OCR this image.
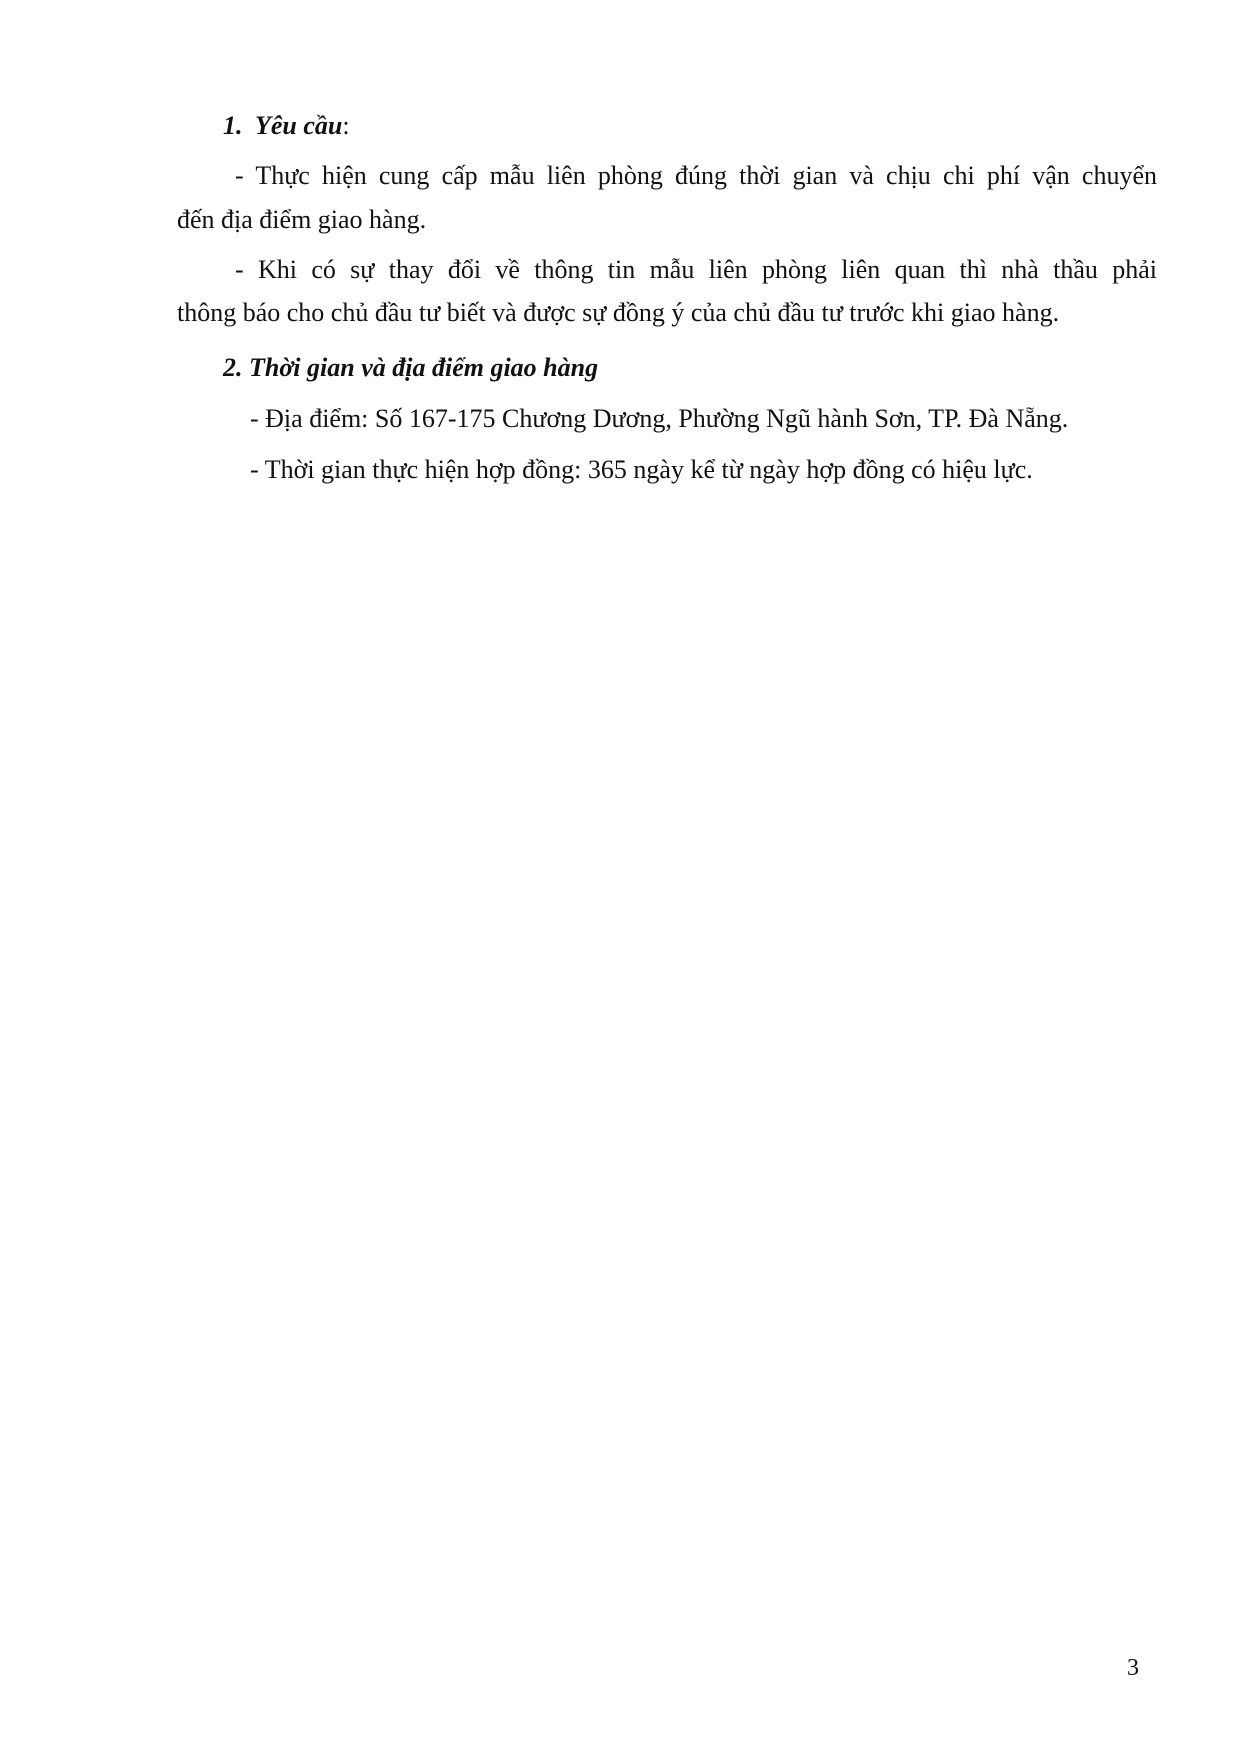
1. Yêu cầu:
- Thực hiện cung cấp mẫu liên phòng đúng thời gian và chịu chi phí vận chuyển
đến địa điểm giao hàng.
- Khi có sự thay đổi về thông tin mẫu liên phòng liên quan thì nhà thầu phải
thông báo cho chủ đầu tư biết và được sự đồng ý của chủ đầu tư trước khi giao hàng.
2. Thời gian và địa điểm giao hàng
- Địa điểm: Số 167-175 Chương Dương, Phường Ngũ hành Sơn, TP. Đà Nẵng.
- Thời gian thực hiện hợp đồng: 365 ngày kể từ ngày hợp đồng có hiệu lực.
3
